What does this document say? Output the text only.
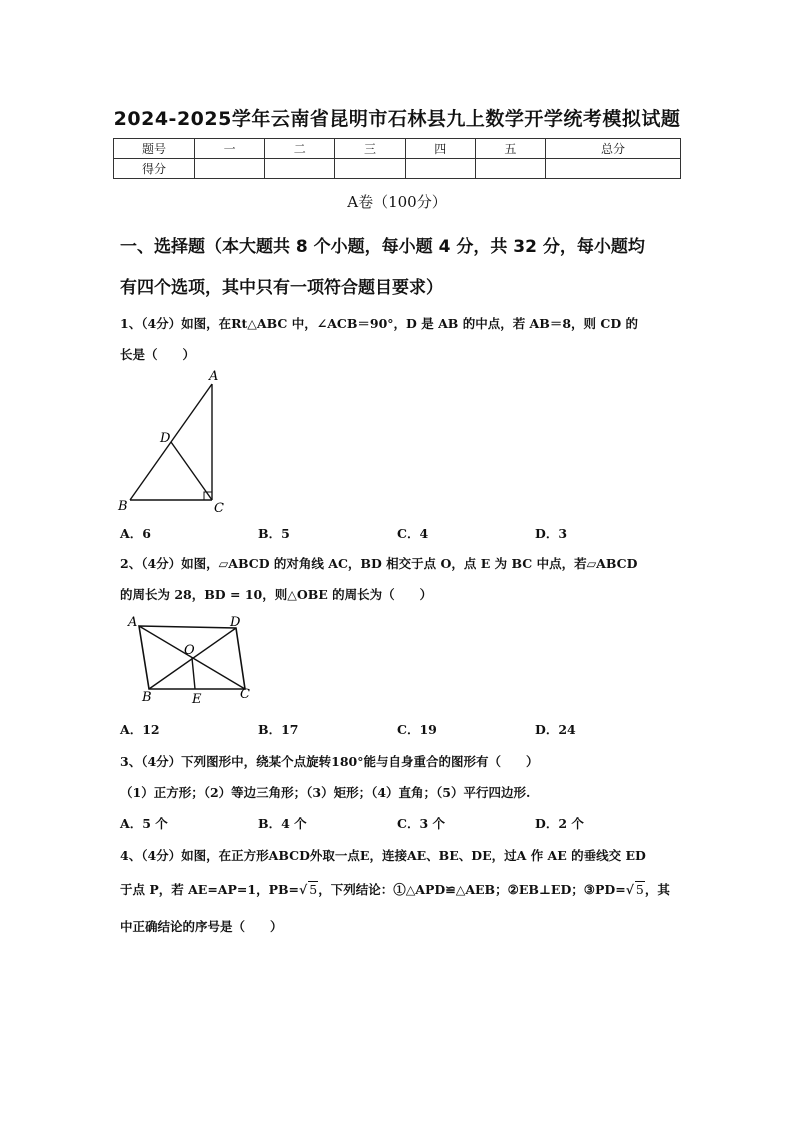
2024-2025学年云南省昆明市石林县九上数学开学统考模拟试题
题号	一	二	三	四	五	总分
得分						
A卷（100分）
一、选择题（本大题共 8 个小题，每小题 4 分，共 32 分，每小题均
有四个选项，其中只有一项符合题目要求）
1、（4分）如图，在Rt△ABC 中，∠ACB＝90°，D 是 AB 的中点，若 AB＝8，则 CD 的
长是（　　）
A
D
B	C
A．6	B．5	C．4	D．3
2、（4分）如图，▱ABCD 的对角线 AC，BD 相交于点 O，点 E 为 BC 中点，若▱ABCD
的周长为 28，BD = 10，则△OBE 的周长为（　　）
A	D
O
B	E	C
A．12	B．17	C．19	D．24
3、（4分）下列图形中，绕某个点旋转180°能与自身重合的图形有（　　）
（1）正方形；（2）等边三角形；（3）矩形；（4）直角；（5）平行四边形.
A．5 个	B．4 个	C．3 个	D．2 个
4、（4分）如图，在正方形ABCD外取一点E，连接AE、BE、DE，过A 作 AE 的垂线交 ED
于点 P，若 AE=AP=1，PB=√ 5，下列结论：①△APD≌△AEB；②EB⊥ED；③PD=√ 5，其
中正确结论的序号是（　　）
